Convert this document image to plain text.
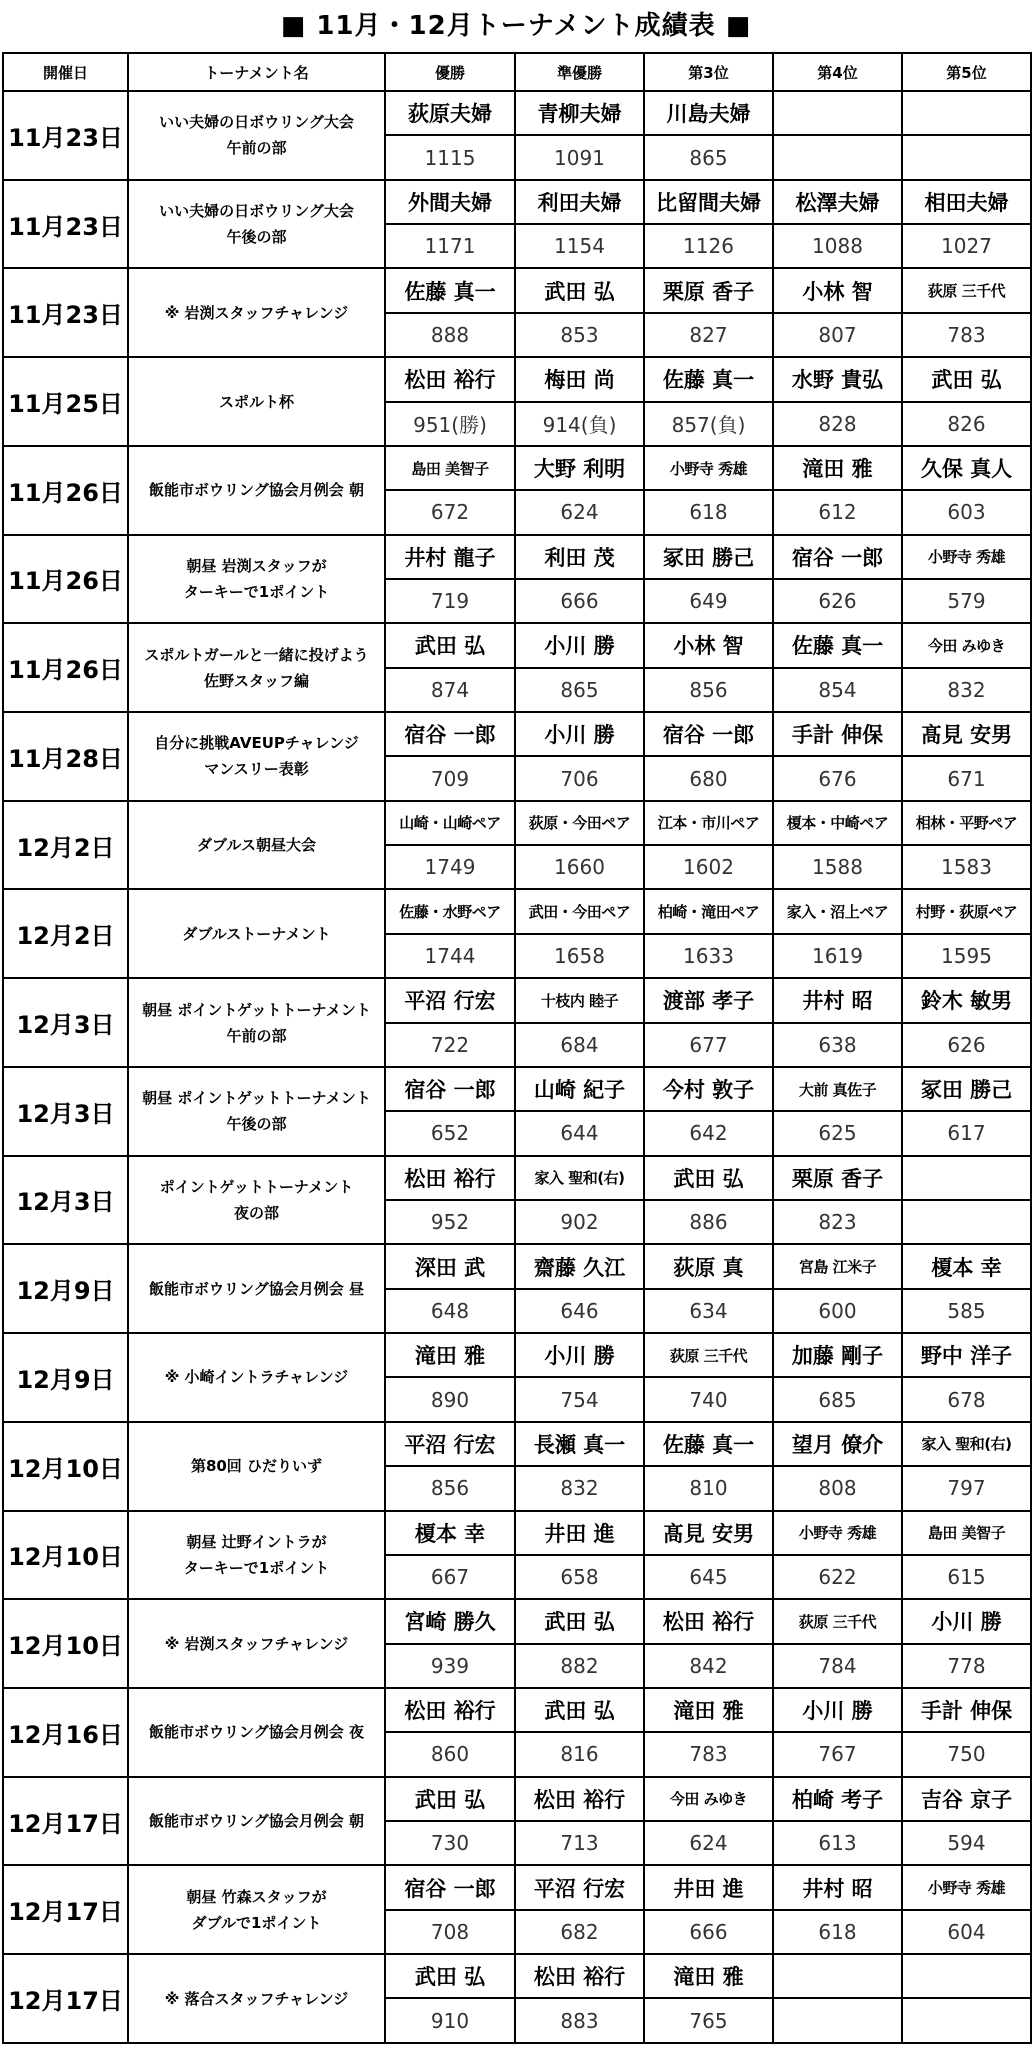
■ 11月・12月トーナメント成績表 ■
開催日	トーナメント名	優勝	準優勝	第3位	第4位	第5位
11月23日	いい夫婦の日ボウリング大会
午前の部	荻原夫婦	青柳夫婦	川島夫婦		
		1115	1091	865		
11月23日	いい夫婦の日ボウリング大会
午後の部	外間夫婦	利田夫婦	比留間夫婦	松澤夫婦	相田夫婦
		1171	1154	1126	1088	1027
11月23日	※ 岩渕スタッフチャレンジ	佐藤 真一	武田 弘	栗原 香子	小林 智	荻原 三千代
		888	853	827	807	783
11月25日	スポルト杯	松田 裕行	梅田 尚	佐藤 真一	水野 貴弘	武田 弘
		951(勝)	914(負)	857(負)	828	826
11月26日	飯能市ボウリング協会月例会 朝	島田 美智子	大野 利明	小野寺 秀雄	滝田 雅	久保 真人
		672	624	618	612	603
11月26日	朝昼 岩渕スタッフが
ターキーで1ポイント	井村 龍子	利田 茂	冢田 勝己	宿谷 一郎	小野寺 秀雄
		719	666	649	626	579
11月26日	スポルトガールと一緒に投げよう
佐野スタッフ編	武田 弘	小川 勝	小林 智	佐藤 真一	今田 みゆき
		874	865	856	854	832
11月28日	自分に挑戦AVEUPチャレンジ
マンスリー表彰	宿谷 一郎	小川 勝	宿谷 一郎	手計 伸保	髙見 安男
		709	706	680	676	671
12月2日	ダブルス朝昼大会	山崎・山崎ペア	荻原・今田ペア	江本・市川ペア	榎本・中崎ペア	相林・平野ペア
		1749	1660	1602	1588	1583
12月2日	ダブルストーナメント	佐藤・水野ペア	武田・今田ペア	柏崎・滝田ペア	家入・沼上ペア	村野・荻原ペア
		1744	1658	1633	1619	1595
12月3日	朝昼 ポイントゲットトーナメント
午前の部	平沼 行宏	十枝内 睦子	渡部 孝子	井村 昭	鈴木 敏男
		722	684	677	638	626
12月3日	朝昼 ポイントゲットトーナメント
午後の部	宿谷 一郎	山崎 紀子	今村 敦子	大前 真佐子	冢田 勝己
		652	644	642	625	617
12月3日	ポイントゲットトーナメント
夜の部	松田 裕行	家入 聖和(右)	武田 弘	栗原 香子	
		952	902	886	823	
12月9日	飯能市ボウリング協会月例会 昼	深田 武	齋藤 久江	荻原 真	宮島 江米子	榎本 幸
		648	646	634	600	585
12月9日	※ 小崎イントラチャレンジ	滝田 雅	小川 勝	荻原 三千代	加藤 剛子	野中 洋子
		890	754	740	685	678
12月10日	第80回 ひだりいず	平沼 行宏	長瀬 真一	佐藤 真一	望月 僚介	家入 聖和(右)
		856	832	810	808	797
12月10日	朝昼 辻野イントラが
ターキーで1ポイント	榎本 幸	井田 進	髙見 安男	小野寺 秀雄	島田 美智子
		667	658	645	622	615
12月10日	※ 岩渕スタッフチャレンジ	宮崎 勝久	武田 弘	松田 裕行	荻原 三千代	小川 勝
		939	882	842	784	778
12月16日	飯能市ボウリング協会月例会 夜	松田 裕行	武田 弘	滝田 雅	小川 勝	手計 伸保
		860	816	783	767	750
12月17日	飯能市ボウリング協会月例会 朝	武田 弘	松田 裕行	今田 みゆき	柏崎 考子	吉谷 京子
		730	713	624	613	594
12月17日	朝昼 竹森スタッフが
ダブルで1ポイント	宿谷 一郎	平沼 行宏	井田 進	井村 昭	小野寺 秀雄
		708	682	666	618	604
12月17日	※ 落合スタッフチャレンジ	武田 弘	松田 裕行	滝田 雅		
		910	883	765		
